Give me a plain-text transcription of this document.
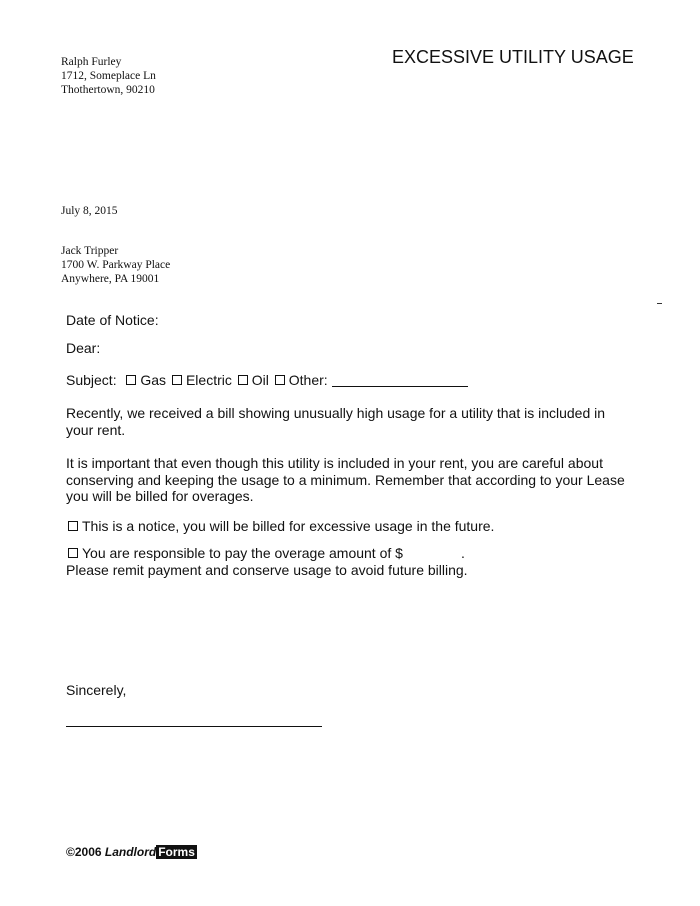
EXCESSIVE UTILITY USAGE
Ralph Furley
1712, Someplace Ln
Thothertown, 90210
July 8, 2015
Jack Tripper
1700 W. Parkway Place
Anywhere, PA 19001
Date of Notice:
Dear:
Subject: Gas Electric Oil Other:
Recently, we received a bill showing unusually high usage for a utility that is included in your rent.
It is important that even though this utility is included in your rent, you are careful about conserving and keeping the usage to a minimum. Remember that according to your Lease you will be billed for overages.
This is a notice, you will be billed for excessive usage in the future.
You are responsible to pay the overage amount of $	.
Please remit payment and conserve usage to avoid future billing.
Sincerely,
©2006 Landlord Forms
